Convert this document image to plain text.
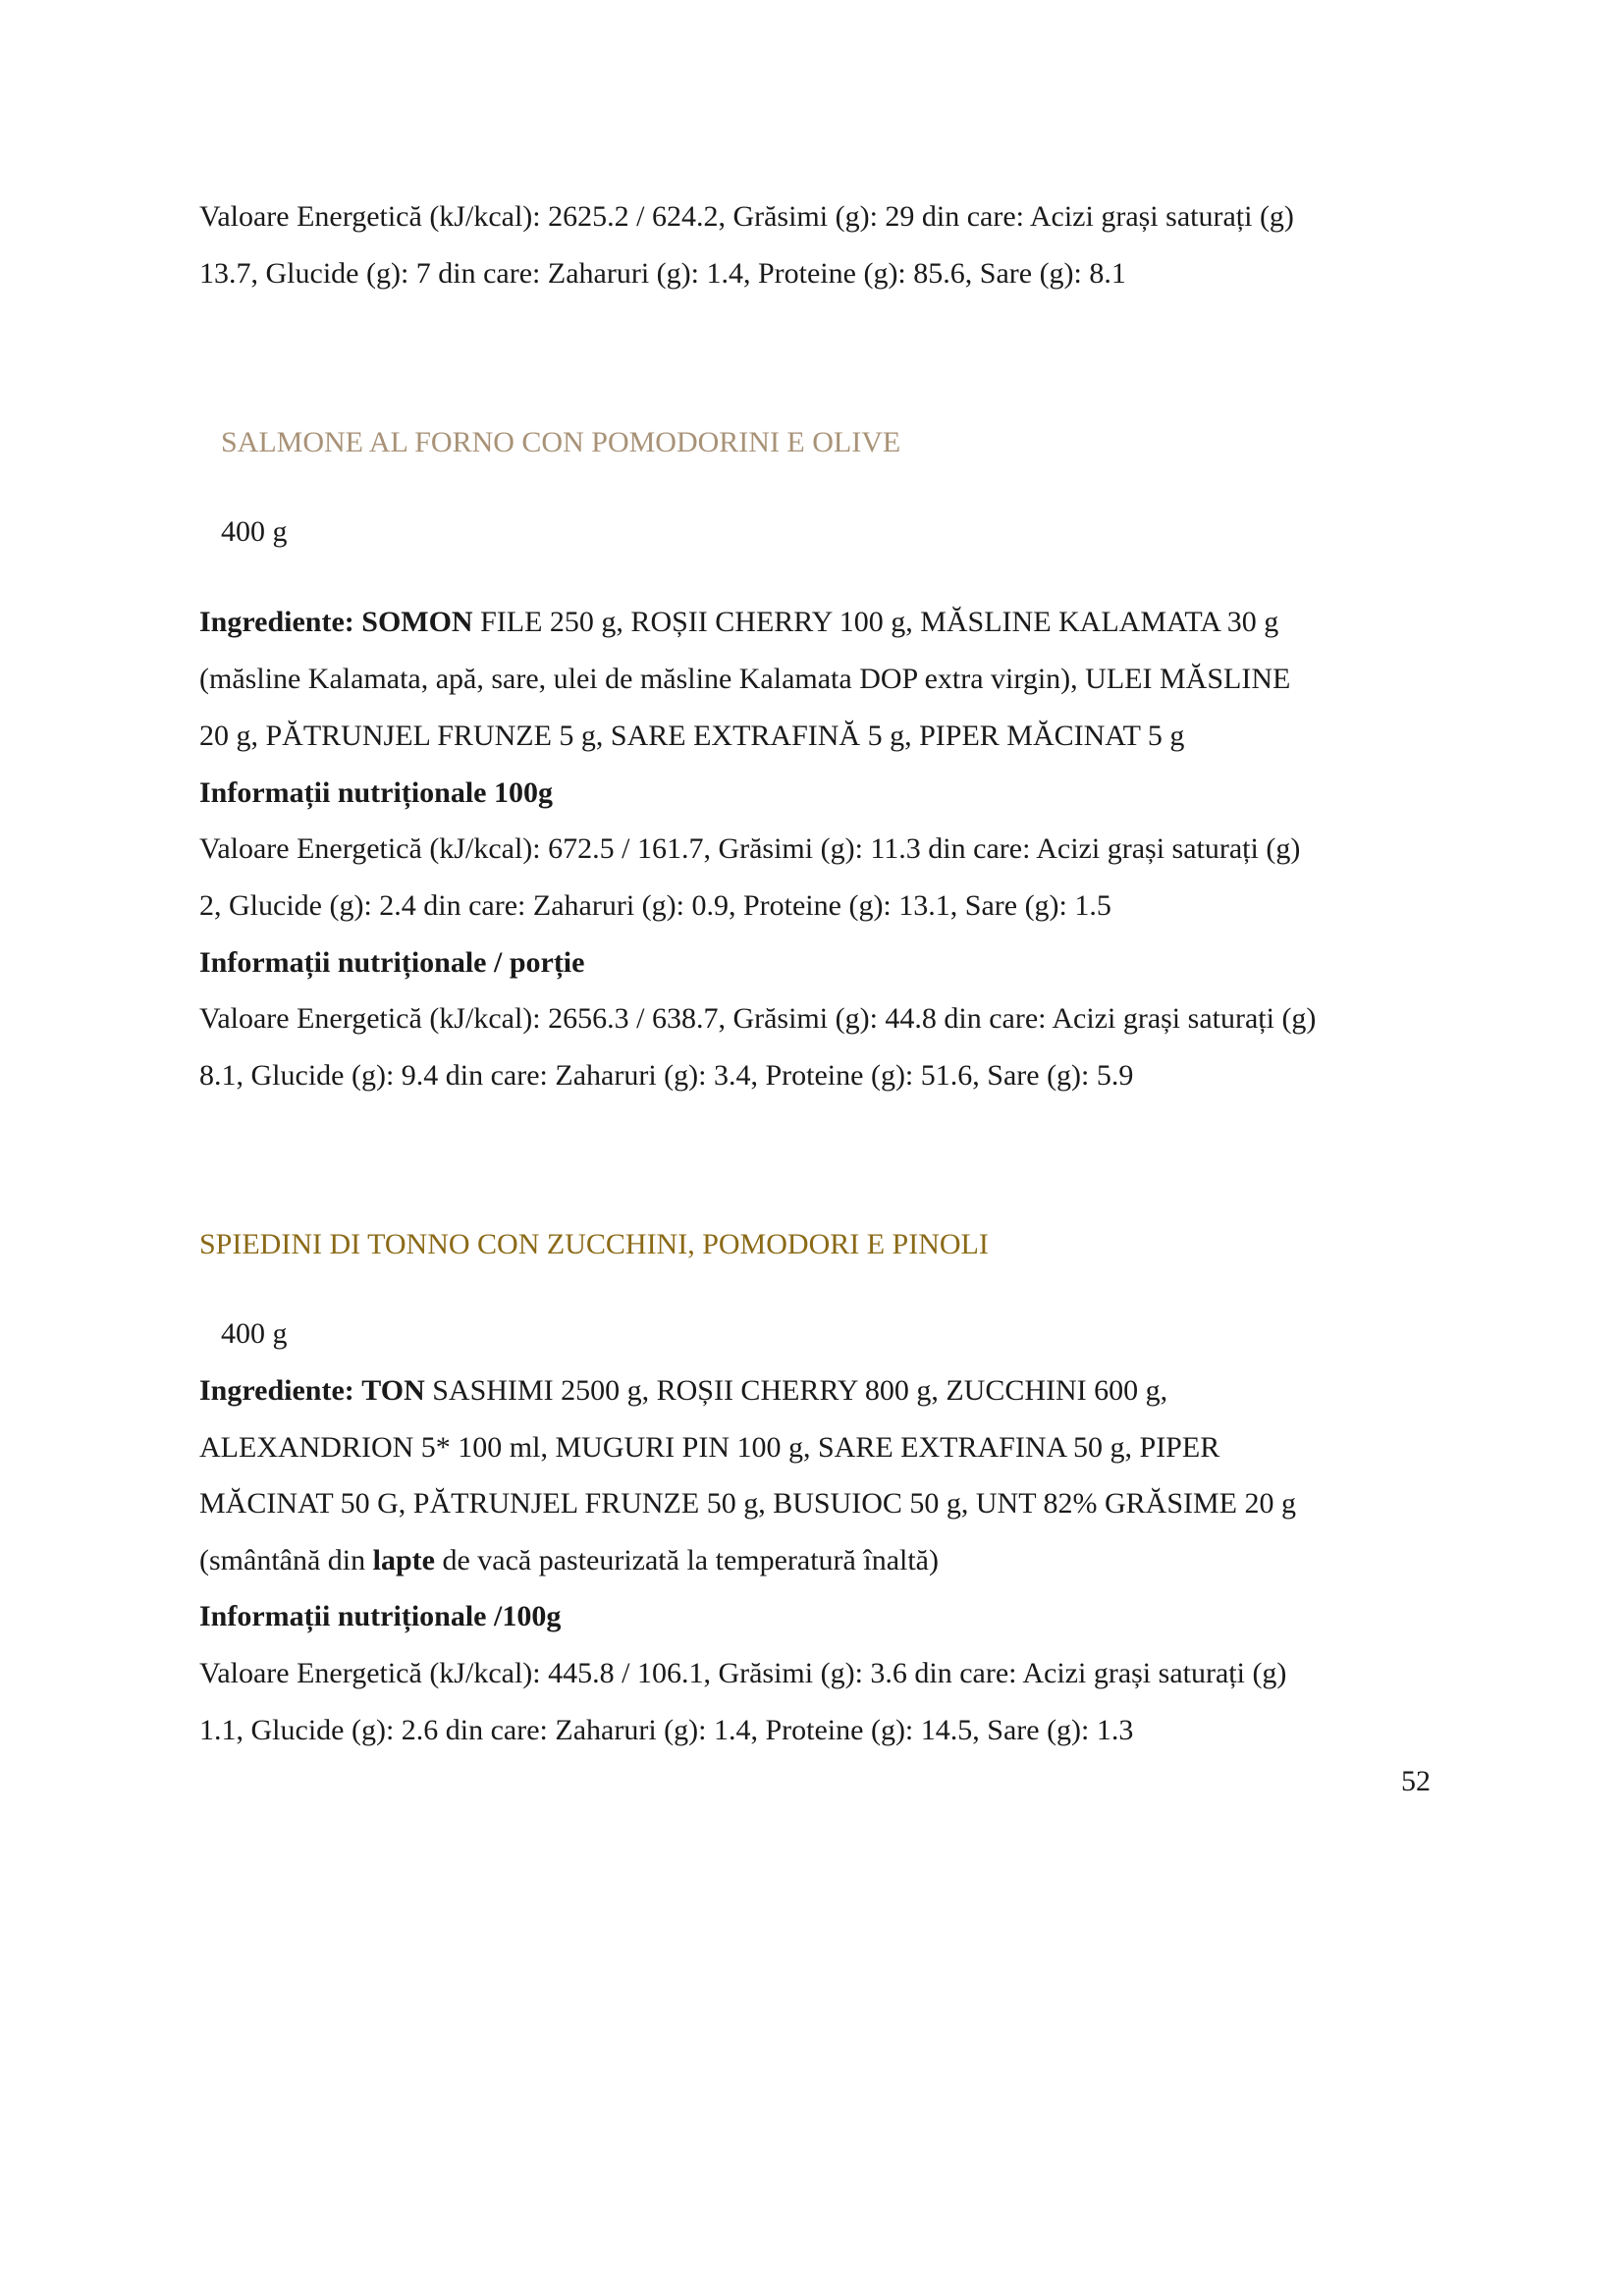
Valoare Energetică (kJ/kcal): 2625.2 / 624.2, Grăsimi (g): 29 din care: Acizi grași saturați (g)
13.7, Glucide (g): 7 din care: Zaharuri (g): 1.4, Proteine (g): 85.6, Sare (g): 8.1
SALMONE AL FORNO CON POMODORINI E OLIVE
400 g
Ingrediente: SOMON FILE 250 g, ROȘII CHERRY 100 g, MĂSLINE KALAMATA 30 g
(măsline Kalamata, apă, sare, ulei de măsline Kalamata DOP extra virgin), ULEI MĂSLINE
20 g, PĂTRUNJEL FRUNZE 5 g, SARE EXTRAFINĂ 5 g, PIPER MĂCINAT 5 g
Informații nutriționale 100g
Valoare Energetică (kJ/kcal): 672.5 / 161.7, Grăsimi (g): 11.3 din care: Acizi grași saturați (g)
2, Glucide (g): 2.4 din care: Zaharuri (g): 0.9, Proteine (g): 13.1, Sare (g): 1.5
Informații nutriționale / porție
Valoare Energetică (kJ/kcal): 2656.3 / 638.7, Grăsimi (g): 44.8 din care: Acizi grași saturați (g)
8.1, Glucide (g): 9.4 din care: Zaharuri (g): 3.4, Proteine (g): 51.6, Sare (g): 5.9
SPIEDINI DI TONNO CON ZUCCHINI, POMODORI E PINOLI
400 g
Ingrediente: TON SASHIMI 2500 g, ROȘII CHERRY 800 g, ZUCCHINI 600 g,
ALEXANDRION 5* 100 ml, MUGURI PIN 100 g, SARE EXTRAFINA 50 g, PIPER
MĂCINAT 50 G, PĂTRUNJEL FRUNZE 50 g, BUSUIOC 50 g, UNT 82% GRĂSIME 20 g
(smântână din lapte de vacă pasteurizată la temperatură înaltă)
Informații nutriționale /100g
Valoare Energetică (kJ/kcal): 445.8 / 106.1, Grăsimi (g): 3.6 din care: Acizi grași saturați (g)
1.1, Glucide (g): 2.6 din care: Zaharuri (g): 1.4, Proteine (g): 14.5, Sare (g): 1.3
52
